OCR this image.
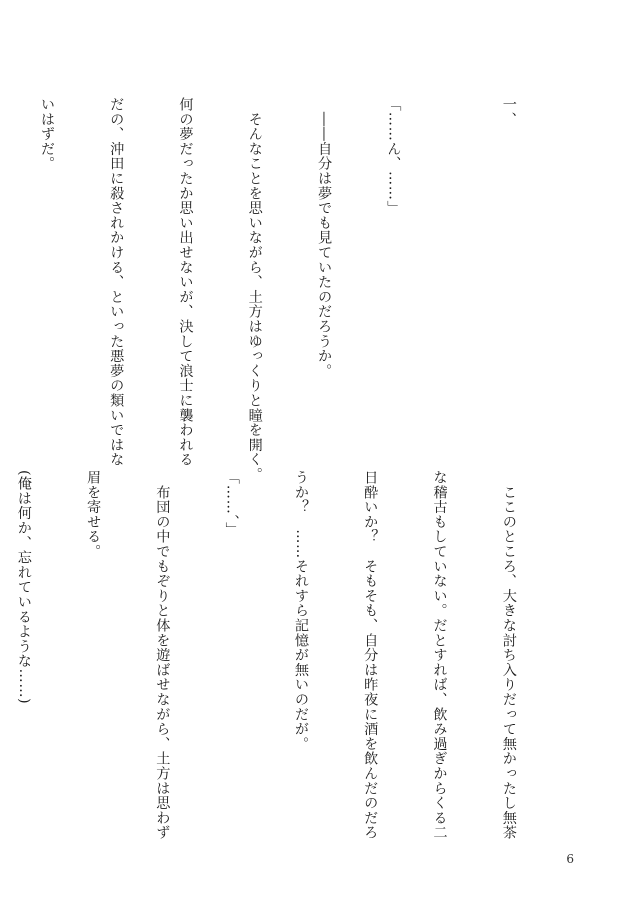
一、

「……ん、……」

　――自分は夢でも見ていたのだろうか。

　そんなことを思いながら、土方はゆっくりと瞳を開く。

何の夢だったか思い出せないが、決して浪士に襲われる

だの、沖田に殺されかける、といった悪夢の類いではな

いはずだ。

　ここのところ、大きな討ち入りだって無かったし無茶

な稽古もしていない。だとすれば、飲み過ぎからくる二

日酔いか？　そもそも、自分は昨夜に酒を飲んだのだろ

うか？　……それすら記憶が無いのだが。

「……、」

　布団の中でもぞりと体を遊ばせながら、土方は思わず

眉を寄せる。

(俺は何か、忘れているような……)

6
